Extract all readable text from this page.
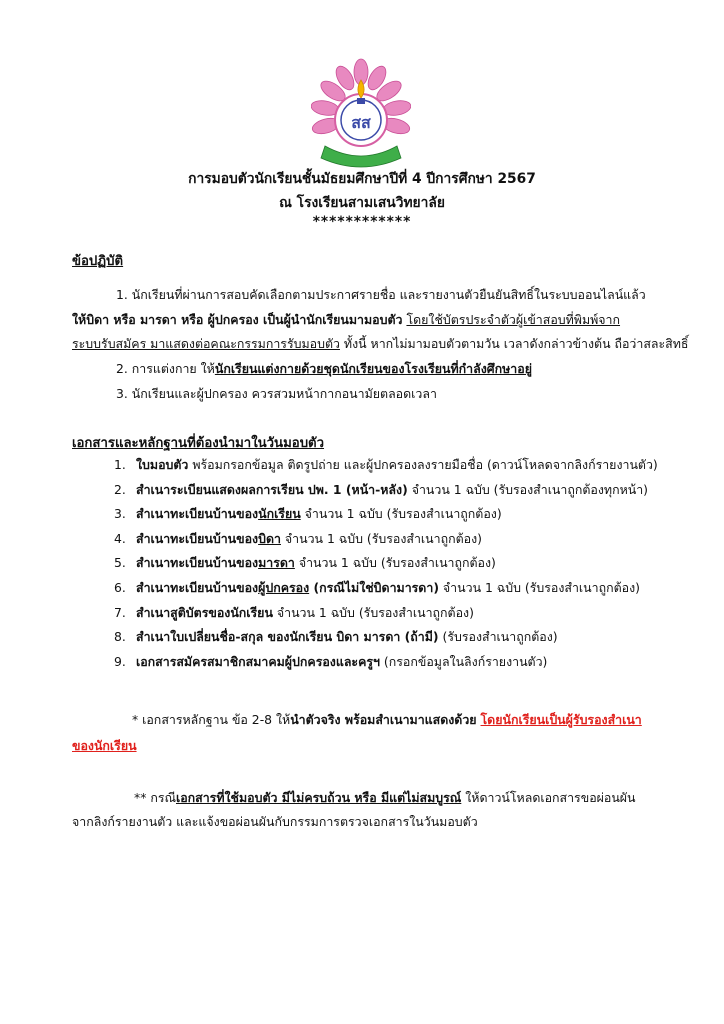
สส
การมอบตัวนักเรียนชั้นมัธยมศึกษาปีที่ 4 ปีการศึกษา 2567
ณ โรงเรียนสามเสนวิทยาลัย
************
ข้อปฏิบัติ
1. นักเรียนที่ผ่านการสอบคัดเลือกตามประกาศรายชื่อ และรายงานตัวยืนยันสิทธิ์ในระบบออนไลน์แล้ว
ให้บิดา หรือ มารดา หรือ ผู้ปกครอง เป็นผู้นำนักเรียนมามอบตัว โดยใช้บัตรประจำตัวผู้เข้าสอบที่พิมพ์จาก
ระบบรับสมัคร มาแสดงต่อคณะกรรมการรับมอบตัว ทั้งนี้ หากไม่มามอบตัวตามวัน เวลาดังกล่าวข้างต้น ถือว่าสละสิทธิ์
2. การแต่งกาย ให้นักเรียนแต่งกายด้วยชุดนักเรียนของโรงเรียนที่กำลังศึกษาอยู่
3. นักเรียนและผู้ปกครอง ควรสวมหน้ากากอนามัยตลอดเวลา
เอกสารและหลักฐานที่ต้องนำมาในวันมอบตัว
1. ใบมอบตัว พร้อมกรอกข้อมูล ติดรูปถ่าย และผู้ปกครองลงรายมือชื่อ (ดาวน์โหลดจากลิงก์รายงานตัว)
2. สำเนาระเบียนแสดงผลการเรียน ปพ. 1 (หน้า-หลัง) จำนวน 1 ฉบับ (รับรองสำเนาถูกต้องทุกหน้า)
3. สำเนาทะเบียนบ้านของนักเรียน จำนวน 1 ฉบับ (รับรองสำเนาถูกต้อง)
4. สำเนาทะเบียนบ้านของบิดา จำนวน 1 ฉบับ (รับรองสำเนาถูกต้อง)
5. สำเนาทะเบียนบ้านของมารดา จำนวน 1 ฉบับ (รับรองสำเนาถูกต้อง)
6. สำเนาทะเบียนบ้านของผู้ปกครอง (กรณีไม่ใช่บิดามารดา) จำนวน 1 ฉบับ (รับรองสำเนาถูกต้อง)
7. สำเนาสูติบัตรของนักเรียน จำนวน 1 ฉบับ (รับรองสำเนาถูกต้อง)
8. สำเนาใบเปลี่ยนชื่อ-สกุล ของนักเรียน บิดา มารดา (ถ้ามี) (รับรองสำเนาถูกต้อง)
9. เอกสารสมัครสมาชิกสมาคมผู้ปกครองและครูฯ (กรอกข้อมูลในลิงก์รายงานตัว)
* เอกสารหลักฐาน ข้อ 2-8 ให้นำตัวจริง พร้อมสำเนามาแสดงด้วย โดยนักเรียนเป็นผู้รับรองสำเนา
ของนักเรียน
** กรณีเอกสารที่ใช้มอบตัว มีไม่ครบถ้วน หรือ มีแต่ไม่สมบูรณ์ ให้ดาวน์โหลดเอกสารขอผ่อนผัน
จากลิงก์รายงานตัว และแจ้งขอผ่อนผันกับกรรมการตรวจเอกสารในวันมอบตัว
